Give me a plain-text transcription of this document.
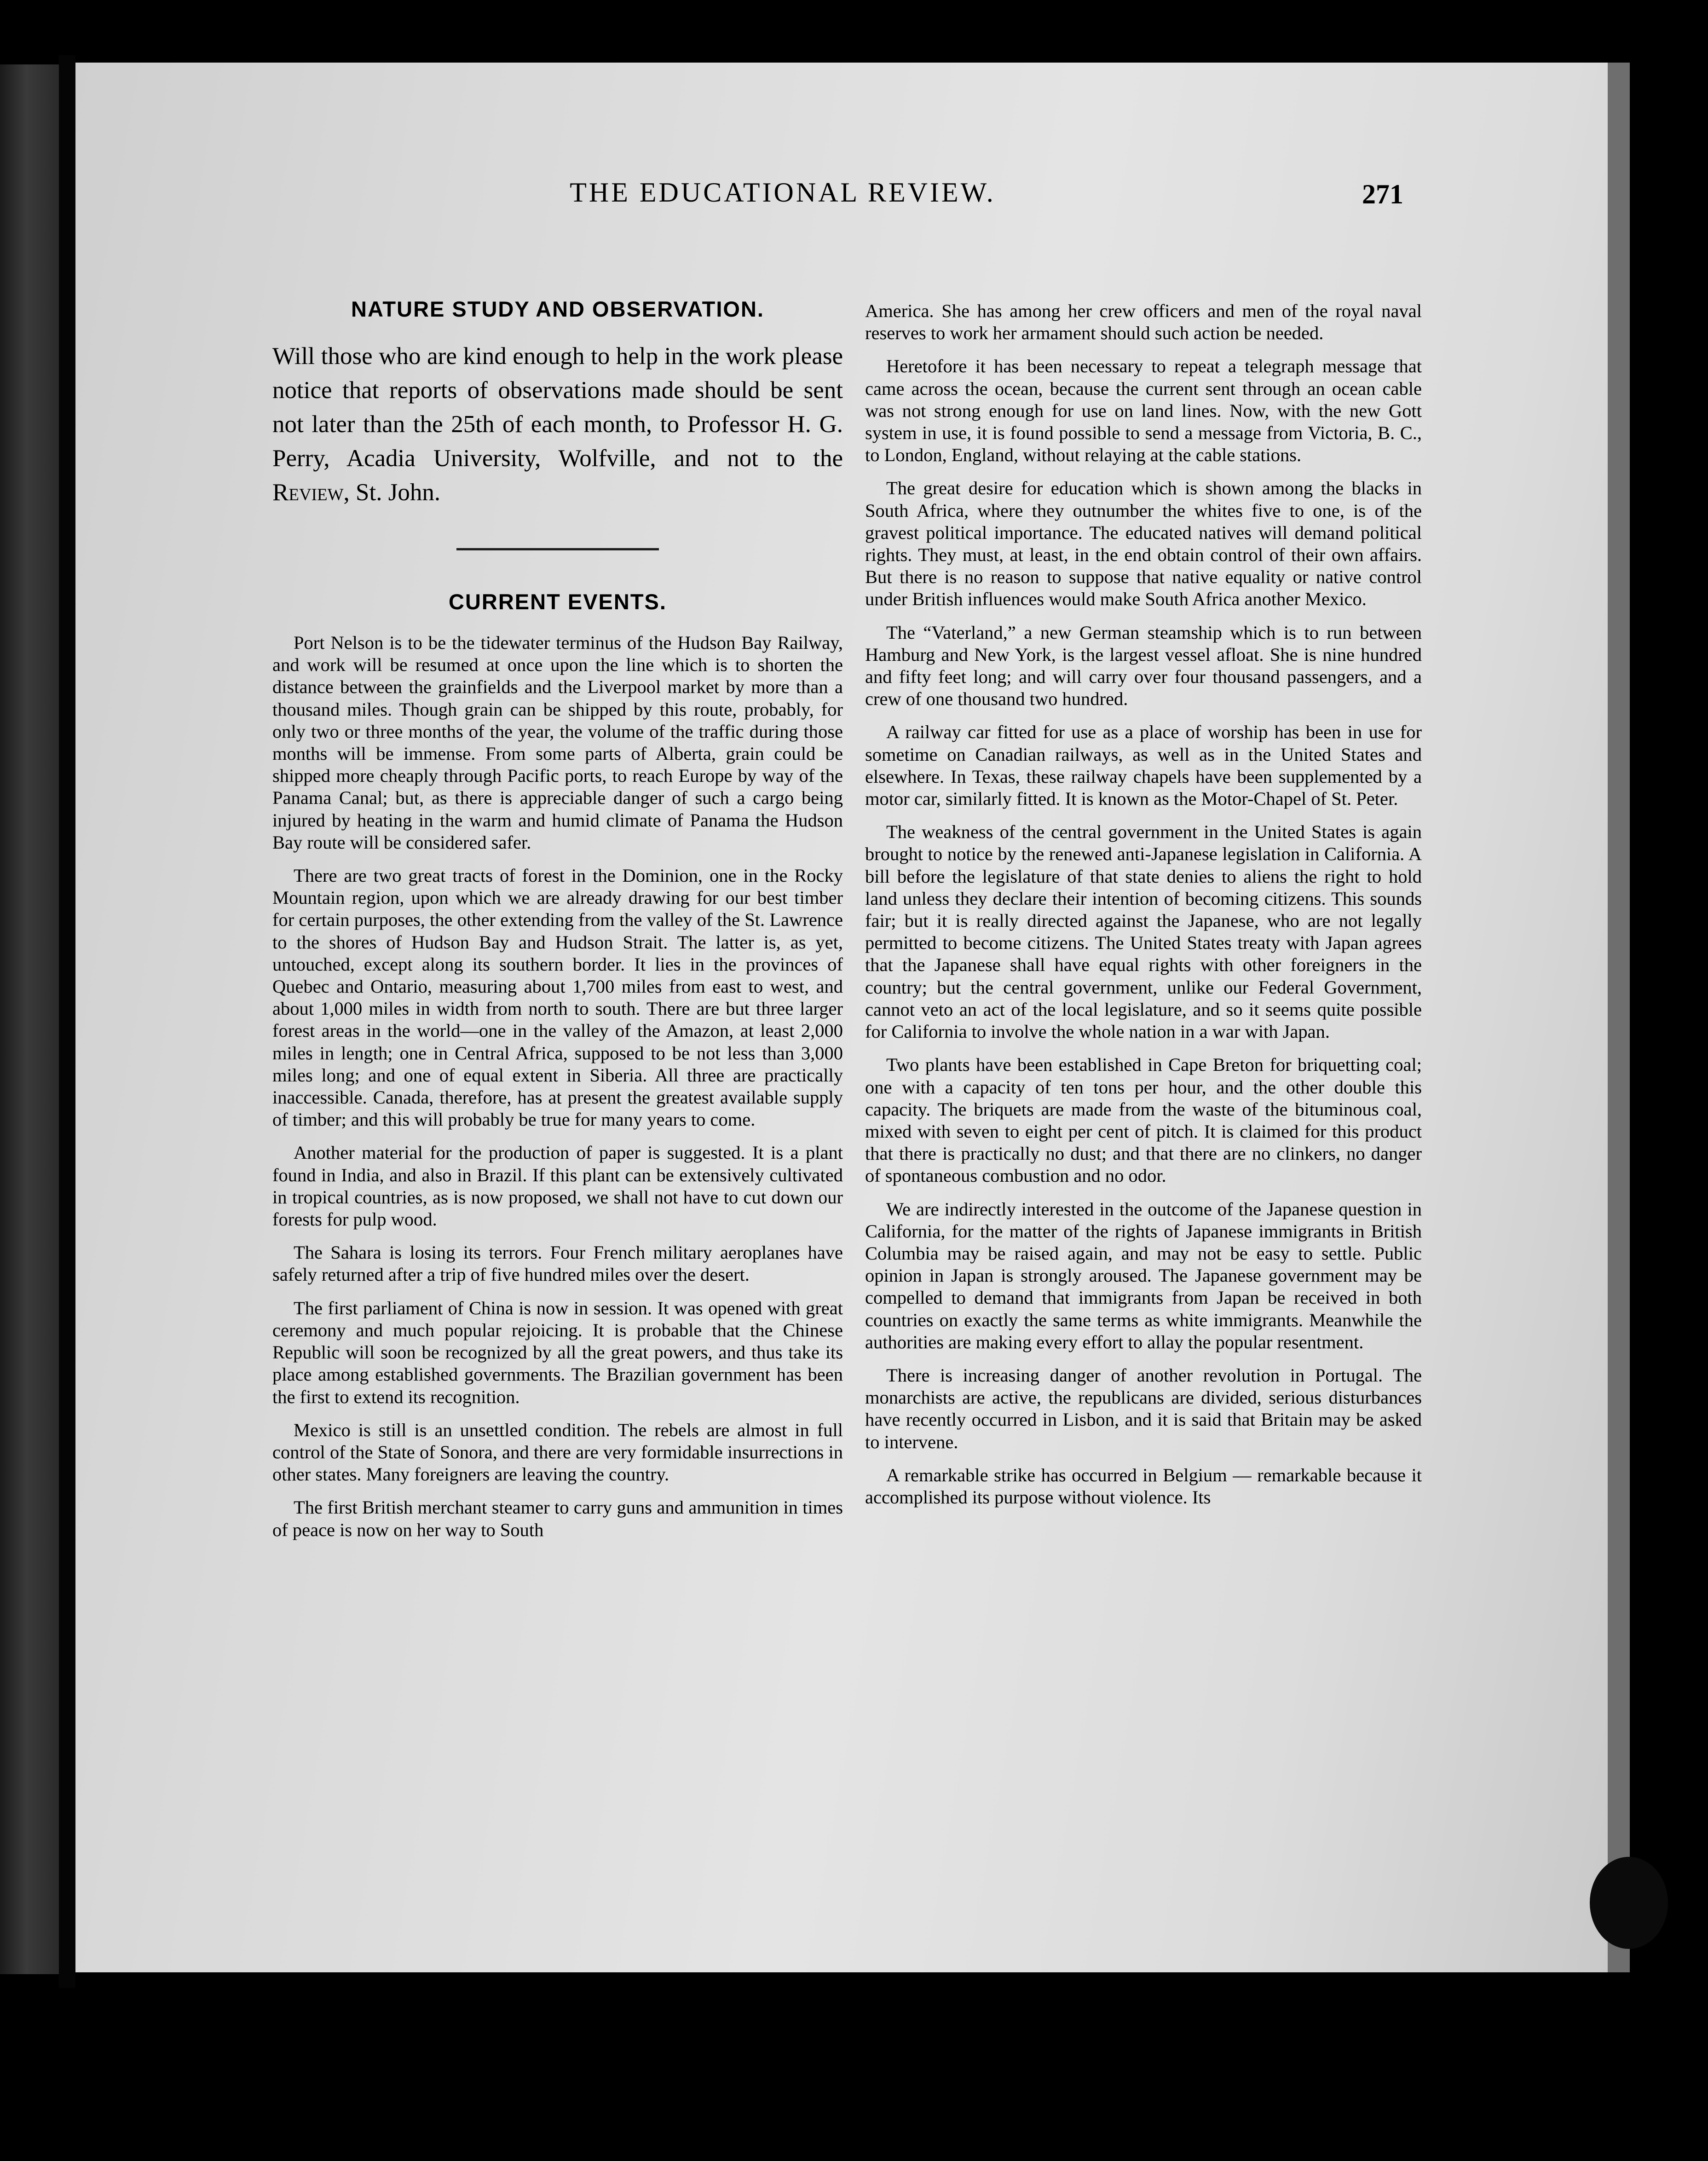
THE EDUCATIONAL REVIEW.	271
NATURE STUDY AND OBSERVATION.

Will those who are kind enough to help in the work please notice that reports of observations made should be sent not later than the 25th of each month, to Professor H. G. Perry, Acadia University, Wolfville, and not to the Review, St. John.

CURRENT EVENTS.

Port Nelson is to be the tidewater terminus of the Hudson Bay Railway, and work will be resumed at once upon the line which is to shorten the distance between the grainfields and the Liverpool market by more than a thousand miles. Though grain can be shipped by this route, probably, for only two or three months of the year, the volume of the traffic during those months will be immense. From some parts of Alberta, grain could be shipped more cheaply through Pacific ports, to reach Europe by way of the Panama Canal; but, as there is appreciable danger of such a cargo being injured by heating in the warm and humid climate of Panama the Hudson Bay route will be considered safer.

There are two great tracts of forest in the Dominion, one in the Rocky Mountain region, upon which we are already drawing for our best timber for certain purposes, the other extending from the valley of the St. Lawrence to the shores of Hudson Bay and Hudson Strait. The latter is, as yet, untouched, except along its southern border. It lies in the provinces of Quebec and Ontario, measuring about 1,700 miles from east to west, and about 1,000 miles in width from north to south. There are but three larger forest areas in the world—one in the valley of the Amazon, at least 2,000 miles in length; one in Central Africa, supposed to be not less than 3,000 miles long; and one of equal extent in Siberia. All three are practically inaccessible. Canada, therefore, has at present the greatest available supply of timber; and this will probably be true for many years to come.

Another material for the production of paper is suggested. It is a plant found in India, and also in Brazil. If this plant can be extensively cultivated in tropical countries, as is now proposed, we shall not have to cut down our forests for pulp wood.

The Sahara is losing its terrors. Four French military aeroplanes have safely returned after a trip of five hundred miles over the desert.

The first parliament of China is now in session. It was opened with great ceremony and much popular rejoicing. It is probable that the Chinese Republic will soon be recognized by all the great powers, and thus take its place among established governments. The Brazilian government has been the first to extend its recognition.

Mexico is still is an unsettled condition. The rebels are almost in full control of the State of Sonora, and there are very formidable insurrections in other states. Many foreigners are leaving the country.

The first British merchant steamer to carry guns and ammunition in times of peace is now on her way to South

America. She has among her crew officers and men of the royal naval reserves to work her armament should such action be needed.

Heretofore it has been necessary to repeat a telegraph message that came across the ocean, because the current sent through an ocean cable was not strong enough for use on land lines. Now, with the new Gott system in use, it is found possible to send a message from Victoria, B. C., to London, England, without relaying at the cable stations.

The great desire for education which is shown among the blacks in South Africa, where they outnumber the whites five to one, is of the gravest political importance. The educated natives will demand political rights. They must, at least, in the end obtain control of their own affairs. But there is no reason to suppose that native equality or native control under British influences would make South Africa another Mexico.

The “Vaterland,” a new German steamship which is to run between Hamburg and New York, is the largest vessel afloat. She is nine hundred and fifty feet long; and will carry over four thousand passengers, and a crew of one thousand two hundred.

A railway car fitted for use as a place of worship has been in use for sometime on Canadian railways, as well as in the United States and elsewhere. In Texas, these railway chapels have been supplemented by a motor car, similarly fitted. It is known as the Motor-Chapel of St. Peter.

The weakness of the central government in the United States is again brought to notice by the renewed anti-Japanese legislation in California. A bill before the legislature of that state denies to aliens the right to hold land unless they declare their intention of becoming citizens. This sounds fair; but it is really directed against the Japanese, who are not legally permitted to become citizens. The United States treaty with Japan agrees that the Japanese shall have equal rights with other foreigners in the country; but the central government, unlike our Federal Government, cannot veto an act of the local legislature, and so it seems quite possible for California to involve the whole nation in a war with Japan.

Two plants have been established in Cape Breton for briquetting coal; one with a capacity of ten tons per hour, and the other double this capacity. The briquets are made from the waste of the bituminous coal, mixed with seven to eight per cent of pitch. It is claimed for this product that there is practically no dust; and that there are no clinkers, no danger of spontaneous combustion and no odor.

We are indirectly interested in the outcome of the Japanese question in California, for the matter of the rights of Japanese immigrants in British Columbia may be raised again, and may not be easy to settle. Public opinion in Japan is strongly aroused. The Japanese government may be compelled to demand that immigrants from Japan be received in both countries on exactly the same terms as white immigrants. Meanwhile the authorities are making every effort to allay the popular resentment.

There is increasing danger of another revolution in Portugal. The monarchists are active, the republicans are divided, serious disturbances have recently occurred in Lisbon, and it is said that Britain may be asked to intervene.

A remarkable strike has occurred in Belgium — remarkable because it accomplished its purpose without violence. Its
